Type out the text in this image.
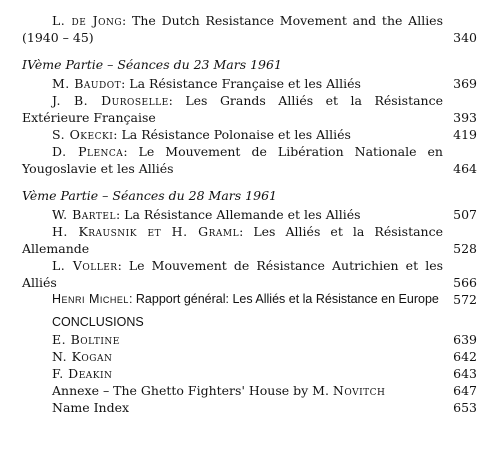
L. de Jong: The Dutch Resistance Movement and the Allies (1940 – 45)	340
IVème Partie – Séances du 23 Mars 1961
M. Baudot: La Résistance Française et les Alliés	369
J. B. Duroselle: Les Grands Alliés et la Résistance Extérieure Française	393
S. Okecki: La Résistance Polonaise et les Alliés	419
D. Plenca: Le Mouvement de Libération Nationale en Yougoslavie et les Alliés	464
Vème Partie – Séances du 28 Mars 1961
W. Bartel: La Résistance Allemande et les Alliés	507
H. Krausnik et H. Graml: Les Alliés et la Résistance Allemande	528
L. Voller: Le Mouvement de Résistance Autrichien et les Alliés	566
Henri Michel: Rapport général: Les Alliés et la Résistance en Europe	572
CONCLUSIONS
E. Boltine	639
N. Kogan	642
F. Deakin	643
Annexe – The Ghetto Fighters' House by M. Novitch	647
Name Index	653
